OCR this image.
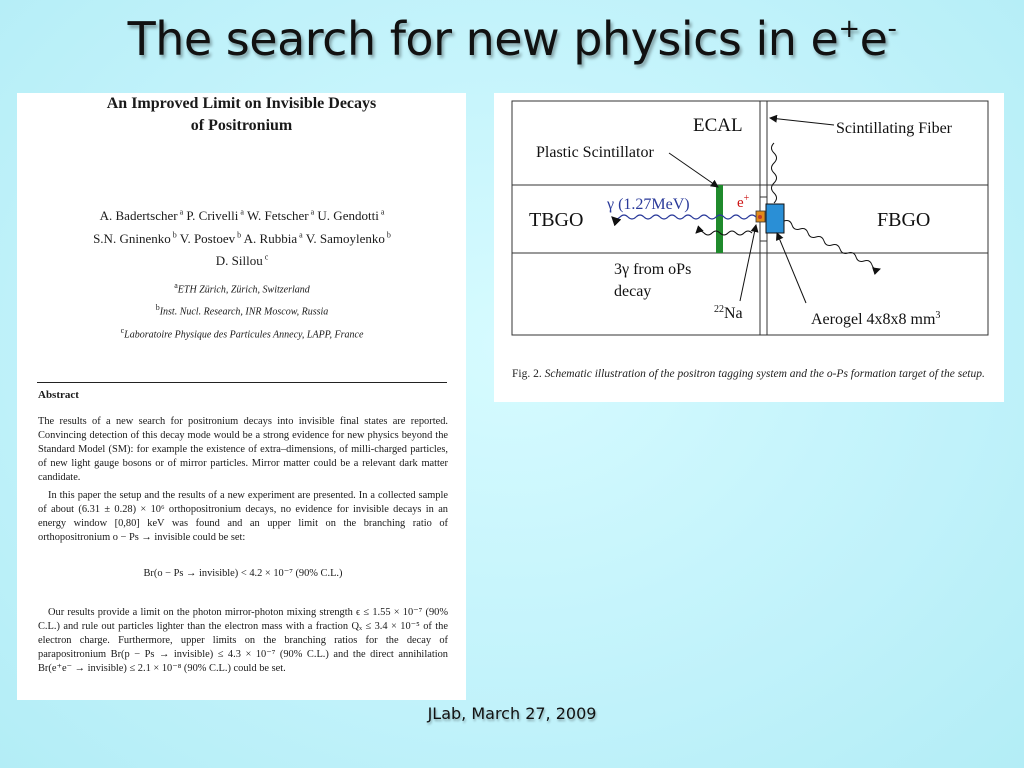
The search for new physics in e+e-
An Improved Limit on Invisible Decays
of Positronium
A. Badertscher $^a$ P. Crivelli $^a$ W. Fetscher $^a$ U. Gendotti $^a$
S.N. Gninenko $^b$ V. Postoev $^b$ A. Rubbia $^a$ V. Samoylenko $^b$
D. Sillou $^c$
$^a$ETH Zürich, Zürich, Switzerland
$^b$Inst. Nucl. Research, INR Moscow, Russia
$^c$Laboratoire Physique des Particules Annecy, LAPP, France
Abstract

The results of a new search for positronium decays into invisible final states are reported. Convincing detection of this decay mode would be a strong evidence for new physics beyond the Standard Model (SM): for example the existence of extra–dimensions, of milli-charged particles, of new light gauge bosons or of mirror particles. Mirror matter could be a relevant dark matter candidate.

In this paper the setup and the results of a new experiment are presented. In a collected sample of about (6.31 ± 0.28) × 10⁶ orthopositronium decays, no evidence for invisible decays in an energy window [0,80] keV was found and an upper limit on the branching ratio of orthopositronium o − Ps → invisible could be set:

Br(o − Ps → invisible) < 4.2 × 10⁻⁷ (90% C.L.)

Our results provide a limit on the photon mirror-photon mixing strength ϵ ≤ 1.55 × 10⁻⁷ (90% C.L.) and rule out particles lighter than the electron mass with a fraction Qₓ ≤ 3.4 × 10⁻⁵ of the electron charge. Furthermore, upper limits on the branching ratios for the decay of parapositronium Br(p − Ps → invisible) ≤ 4.3 × 10⁻⁷ (90% C.L.) and the direct annihilation Br(e⁺e⁻ → invisible) ≤ 2.1 × 10⁻⁸ (90% C.L.) could be set.

ECAL	Scintillating Fiber
Plastic Scintillator
γ (1.27MeV)	e+
TBGO	FBGO
3γ from oPs
decay
$^{22}$Na	Aerogel 4x8x8 $mm^3$
Fig. 2. Schematic illustration of the positron tagging system and the o-Ps formation target of the setup.
JLab, March 27, 2009
